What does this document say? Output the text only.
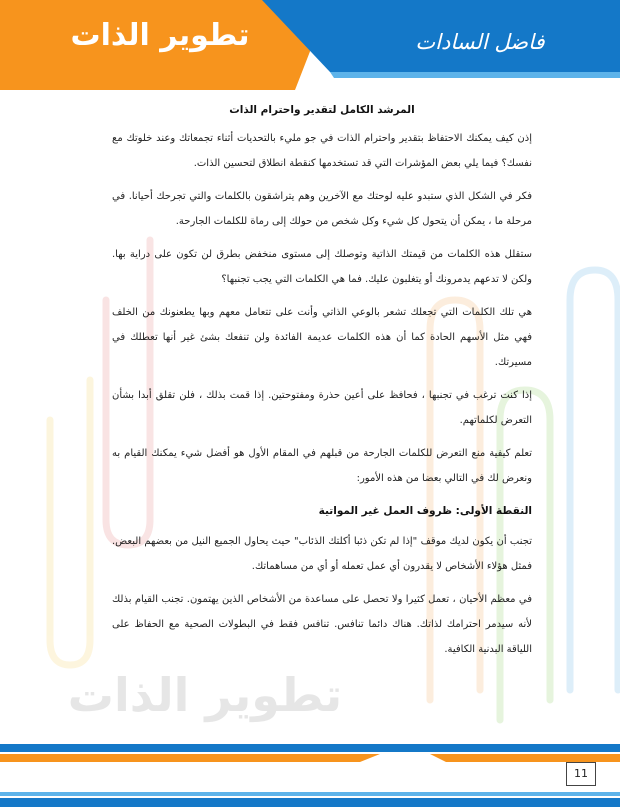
تطوير الذات	فاضل السادات
تطوير الذات
المرشد الكامل لتقدير واحترام الذات

إذن كيف يمكنك الاحتفاظ بتقدير واحترام الذات في جو مليء بالتحديات أثناء تجمعاتك وعند خلوتك مع نفسك؟ فيما يلي بعض المؤشرات التي قد تستخدمها كنقطة انطلاق لتحسين الذات.

فكر في الشكل الذي ستبدو عليه لوحتك مع الآخرين وهم يتراشقون بالكلمات والتي تجرحك أحيانا. في مرحلة ما ، يمكن أن يتحول كل شيء وكل شخص من حولك إلى رماة للكلمات الجارحة.

ستقلل هذه الكلمات من قيمتك الذاتية وتوصلك إلى مستوى منخفض بطرق لن تكون على دراية بها. ولكن لا تدعهم يدمرونك أو يتغلبون عليك. فما هي الكلمات التي يجب تجنبها؟

هي تلك الكلمات التي تجعلك تشعر بالوعي الذاتي وأنت على تتعامل معهم وبها يطعنونك من الخلف فهي مثل الأسهم الحادة كما أن هذه الكلمات عديمة الفائدة ولن تنفعك بشئ غير أنها تعطلك في مسيرتك.

إذا كنت ترغب في تجنبها ، فحافظ على أعين حذرة ومفتوحتين. إذا قمت بذلك ، فلن تقلق أبدا بشأن التعرض لكلماتهم.

تعلم كيفية منع التعرض للكلمات الجارحة من قبلهم في المقام الأول هو أفضل شيء يمكنك القيام به ونعرض لك في التالي بعضا من هذه الأمور:

النقطة الأولى: ظروف العمل غير المواتية

تجنب أن يكون لديك موقف "إذا لم تكن ذئبا أكلتك الذئاب" حيث يحاول الجميع النيل من بعضهم البعض. فمثل هؤلاء الأشخاص لا يقدرون أي عمل تعمله أو أي من مساهماتك.

في معظم الأحيان ، تعمل كثيرا ولا تحصل على مساعدة من الأشخاص الذين يهتمون. تجنب القيام بذلك لأنه سيدمر احترامك لذاتك. هناك دائما تنافس. تنافس فقط في البطولات الصحية مع الحفاظ على اللياقة البدنية الكافية.

11
